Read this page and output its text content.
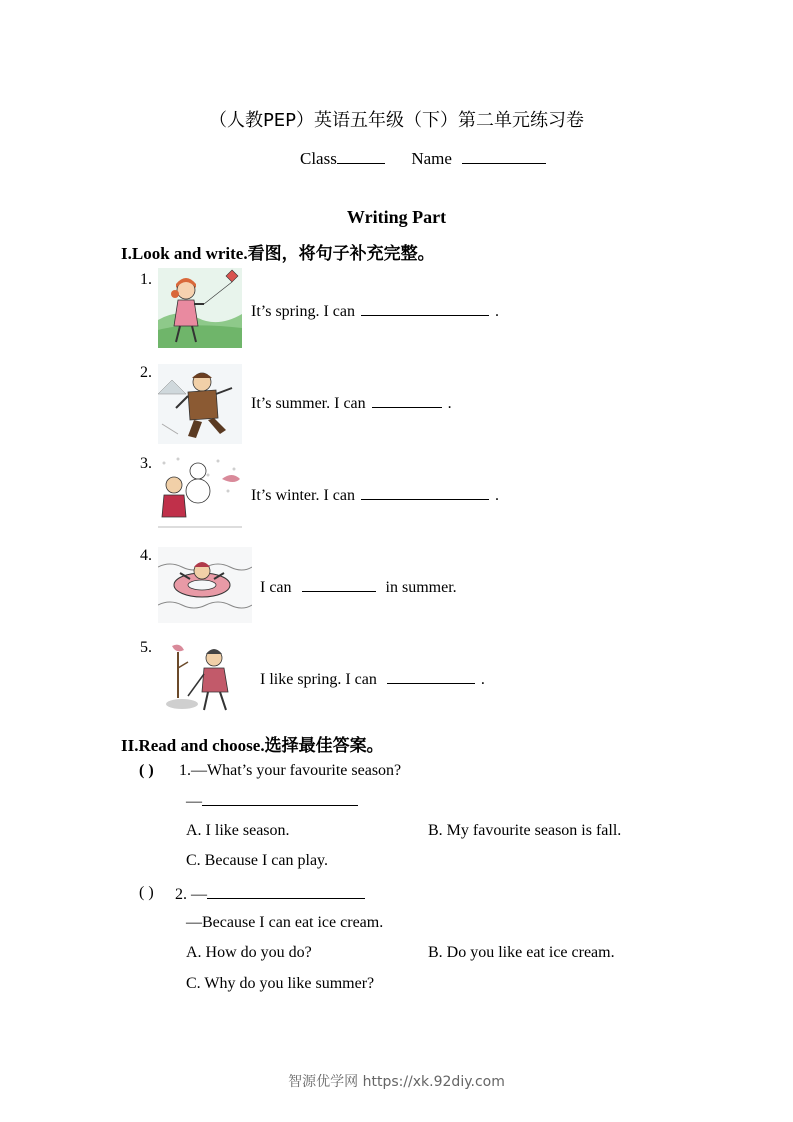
（人教PEP）英语五年级（下）第二单元练习卷
Class	Name
Writing Part
I.Look and write.看图，将句子补充完整。
1.
It’s spring. I can	.
2.
It’s summer. I can	.
3.
It’s winter. I can	.
4.
I can	in summer.
5.
I like spring. I can	.
II.Read and choose.选择最佳答案。
( ) 1.—What’s your favourite season?
—
A. I like season.	B. My favourite season is fall.
C. Because I can play.
( ) 2. —
—Because I can eat ice cream.
A. How do you do?	B. Do you like eat ice cream.
C. Why do you like summer?
智源优学网 https://xk.92diy.com
